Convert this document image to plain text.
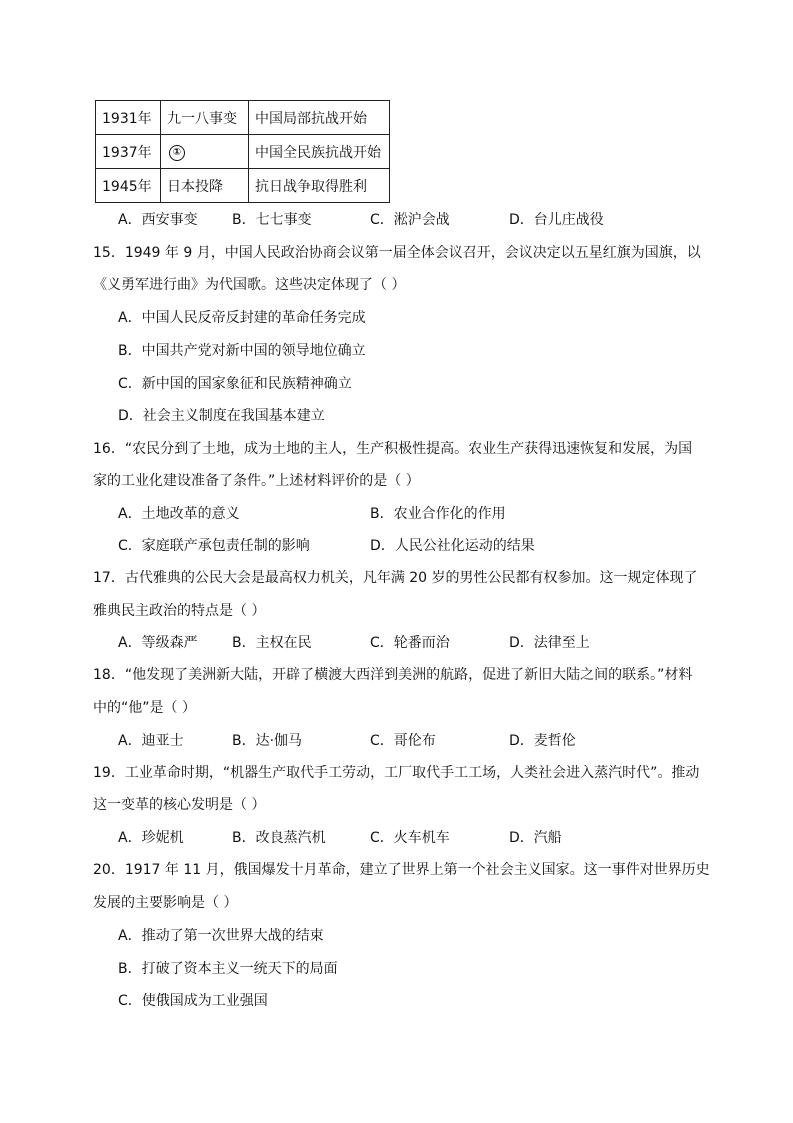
1931年	九一八事变	中国局部抗战开始
1937年	①	中国全民族抗战开始
1945年	日本投降	抗日战争取得胜利
A．西安事变 B．七七事变	C．淞沪会战	D．台儿庄战役
15．1949 年 9 月，中国人民政治协商会议第一届全体会议召开，会议决定以五星红旗为国旗，以
《义勇军进行曲》为代国歌。这些决定体现了（ ）
A．中国人民反帝反封建的革命任务完成
B．中国共产党对新中国的领导地位确立
C．新中国的国家象征和民族精神确立
D．社会主义制度在我国基本建立
16．“农民分到了土地，成为土地的主人，生产积极性提高。农业生产获得迅速恢复和发展，为国
家的工业化建设准备了条件。”上述材料评价的是（ ）
A．土地改革的意义	B．农业合作化的作用
C．家庭联产承包责任制的影响	D．人民公社化运动的结果
17．古代雅典的公民大会是最高权力机关，凡年满 20 岁的男性公民都有权参加。这一规定体现了
雅典民主政治的特点是（ ）
A．等级森严 B．主权在民	C．轮番而治	D．法律至上
18．“他发现了美洲新大陆，开辟了横渡大西洋到美洲的航路，促进了新旧大陆之间的联系。”材料
中的“他”是（ ）
A．迪亚士	B．达·伽马	C．哥伦布	D．麦哲伦
19．工业革命时期，“机器生产取代手工劳动，工厂取代手工工场，人类社会进入蒸汽时代”。推动
这一变革的核心发明是（ ）
A．珍妮机	B．改良蒸汽机	C．火车机车	D．汽船
20．1917 年 11 月，俄国爆发十月革命，建立了世界上第一个社会主义国家。这一事件对世界历史
发展的主要影响是（ ）
A．推动了第一次世界大战的结束
B．打破了资本主义一统天下的局面
C．使俄国成为工业强国
